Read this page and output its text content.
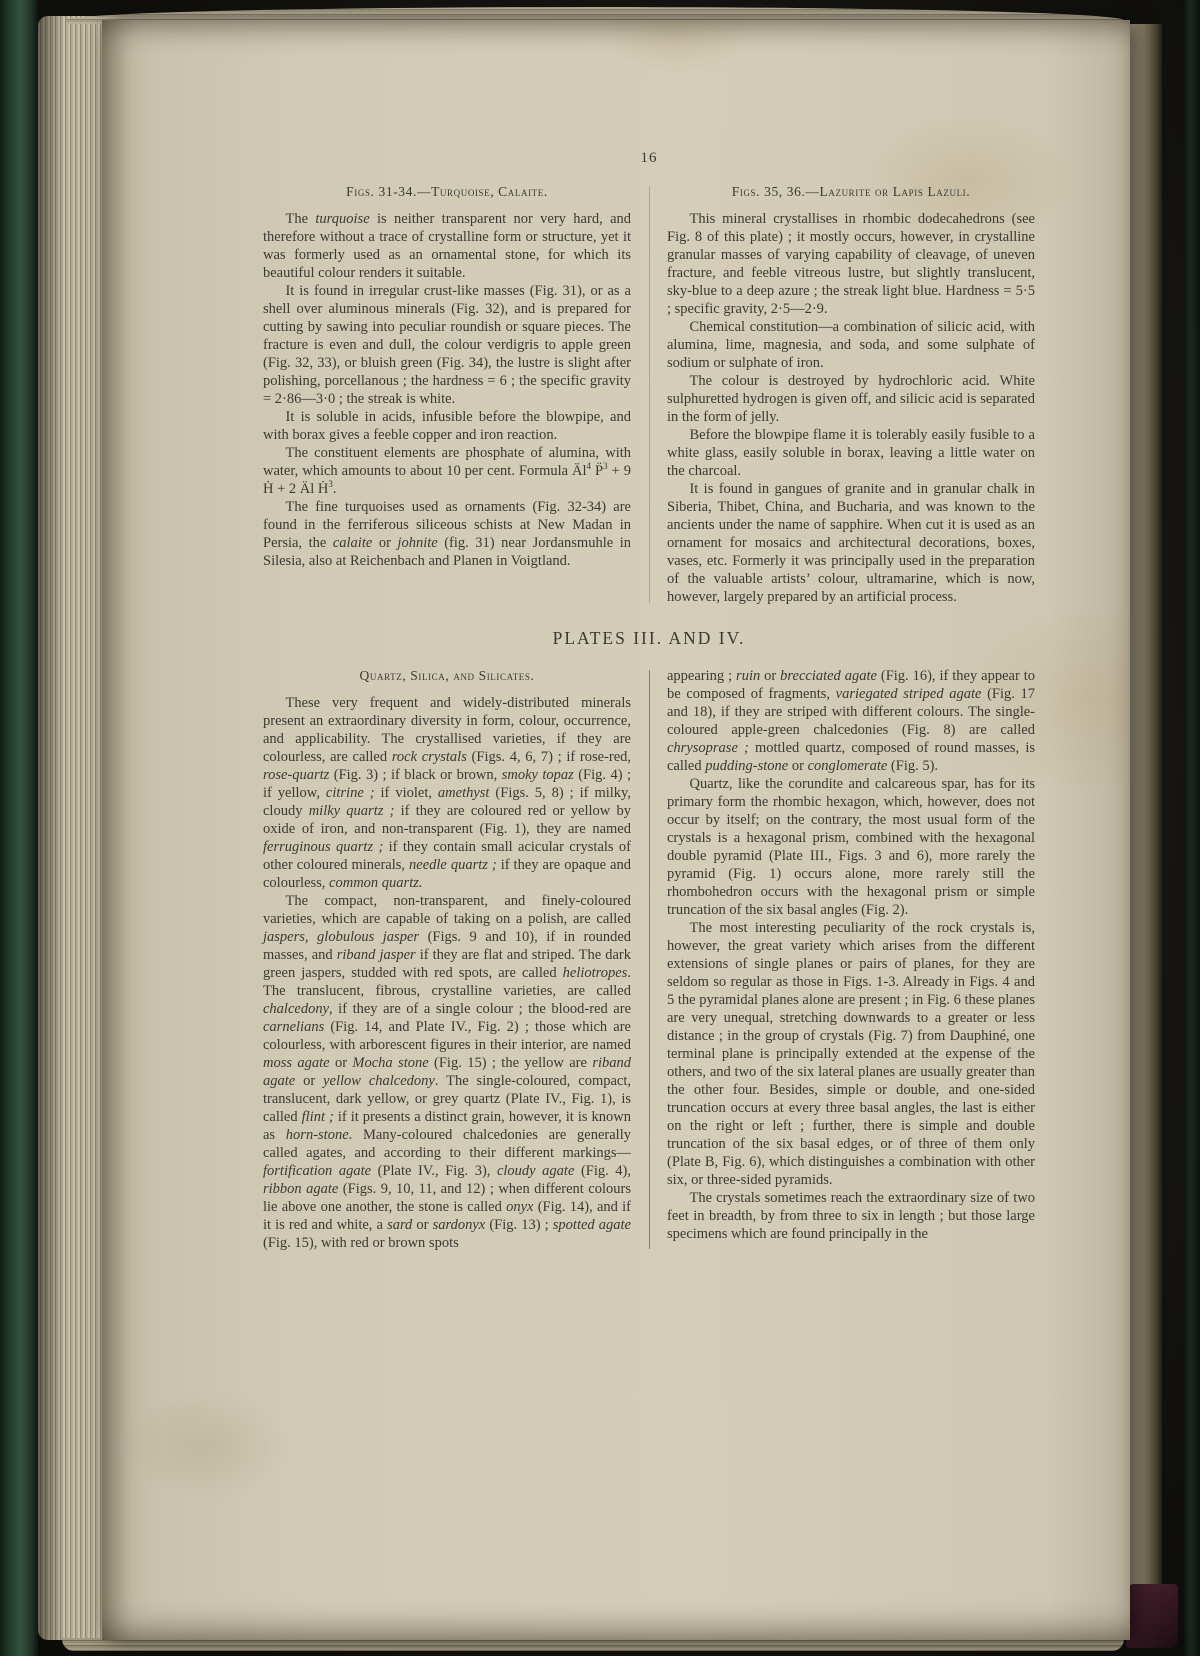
16
Figs. 31-34.—Turquoise, Calaite.

The turquoise is neither transparent nor very hard, and therefore without a trace of crystalline form or structure, yet it was formerly used as an ornamental stone, for which its beautiful colour renders it suitable.

It is found in irregular crust-like masses (Fig. 31), or as a shell over aluminous minerals (Fig. 32), and is prepared for cutting by sawing into peculiar roundish or square pieces. The fracture is even and dull, the colour verdigris to apple green (Fig. 32, 33), or bluish green (Fig. 34), the lustre is slight after polishing, porcellanous ; the hardness = 6 ; the specific gravity = 2·86—3·0 ; the streak is white.

It is soluble in acids, infusible before the blowpipe, and with borax gives a feeble copper and iron reaction.

The constituent elements are phosphate of alumina, with water, which amounts to about 10 per cent. Formula $Äl^4$ P̈$^3$ + 9 Ḣ + 2 Äl Ḣ$^3$.

The fine turquoises used as ornaments (Fig. 32-34) are found in the ferriferous siliceous schists at New Madan in Persia, the calaite or johnite (fig. 31) near Jordansmuhle in Silesia, also at Reichenbach and Planen in Voigtland.

Figs. 35, 36.—Lazurite or Lapis Lazuli.

This mineral crystallises in rhombic dodecahedrons (see Fig. 8 of this plate) ; it mostly occurs, however, in crystalline granular masses of varying capability of cleavage, of uneven fracture, and feeble vitreous lustre, but slightly translucent, sky-blue to a deep azure ; the streak light blue. Hardness = 5·5 ; specific gravity, 2·5—2·9.

Chemical constitution—a combination of silicic acid, with alumina, lime, magnesia, and soda, and some sulphate of sodium or sulphate of iron.

The colour is destroyed by hydrochloric acid. White sulphuretted hydrogen is given off, and silicic acid is separated in the form of jelly.

Before the blowpipe flame it is tolerably easily fusible to a white glass, easily soluble in borax, leaving a little water on the charcoal.

It is found in gangues of granite and in granular chalk in Siberia, Thibet, China, and Bucharia, and was known to the ancients under the name of sapphire. When cut it is used as an ornament for mosaics and architectural decorations, boxes, vases, etc. Formerly it was principally used in the preparation of the valuable artists’ colour, ultramarine, which is now, however, largely prepared by an artificial process.

PLATES III. AND IV.
Quartz, Silica, and Silicates.

These very frequent and widely-distributed minerals present an extraordinary diversity in form, colour, occurrence, and applicability. The crystallised varieties, if they are colourless, are called rock crystals (Figs. 4, 6, 7) ; if rose-red, rose-quartz (Fig. 3) ; if black or brown, smoky topaz (Fig. 4) ; if yellow, citrine ; if violet, amethyst (Figs. 5, 8) ; if milky, cloudy milky quartz ; if they are coloured red or yellow by oxide of iron, and non-transparent (Fig. 1), they are named ferruginous quartz ; if they contain small acicular crystals of other coloured minerals, needle quartz ; if they are opaque and colourless, common quartz.

The compact, non-transparent, and finely-coloured varieties, which are capable of taking on a polish, are called jaspers, globulous jasper (Figs. 9 and 10), if in rounded masses, and riband jasper if they are flat and striped. The dark green jaspers, studded with red spots, are called heliotropes. The translucent, fibrous, crystalline varieties, are called chalcedony, if they are of a single colour ; the blood-red are carnelians (Fig. 14, and Plate IV., Fig. 2) ; those which are colourless, with arborescent figures in their interior, are named moss agate or Mocha stone (Fig. 15) ; the yellow are riband agate or yellow chalcedony. The single-coloured, compact, translucent, dark yellow, or grey quartz (Plate IV., Fig. 1), is called flint ; if it presents a distinct grain, however, it is known as horn-stone. Many-coloured chalcedonies are generally called agates, and according to their different markings—fortification agate (Plate IV., Fig. 3), cloudy agate (Fig. 4), ribbon agate (Figs. 9, 10, 11, and 12) ; when different colours lie above one another, the stone is called onyx (Fig. 14), and if it is red and white, a sard or sardonyx (Fig. 13) ; spotted agate (Fig. 15), with red or brown spots

appearing ; ruin or brecciated agate (Fig. 16), if they appear to be composed of fragments, variegated striped agate (Fig. 17 and 18), if they are striped with different colours. The single-coloured apple-green chalcedonies (Fig. 8) are called chrysoprase ; mottled quartz, composed of round masses, is called pudding-stone or conglomerate (Fig. 5).

Quartz, like the corundite and calcareous spar, has for its primary form the rhombic hexagon, which, however, does not occur by itself; on the contrary, the most usual form of the crystals is a hexagonal prism, combined with the hexagonal double pyramid (Plate III., Figs. 3 and 6), more rarely the pyramid (Fig. 1) occurs alone, more rarely still the rhombohedron occurs with the hexagonal prism or simple truncation of the six basal angles (Fig. 2).

The most interesting peculiarity of the rock crystals is, however, the great variety which arises from the different extensions of single planes or pairs of planes, for they are seldom so regular as those in Figs. 1-3. Already in Figs. 4 and 5 the pyramidal planes alone are present ; in Fig. 6 these planes are very unequal, stretching downwards to a greater or less distance ; in the group of crystals (Fig. 7) from Dauphiné, one terminal plane is principally extended at the expense of the others, and two of the six lateral planes are usually greater than the other four. Besides, simple or double, and one-sided truncation occurs at every three basal angles, the last is either on the right or left ; further, there is simple and double truncation of the six basal edges, or of three of them only (Plate B, Fig. 6), which distinguishes a combination with other six, or three-sided pyramids.

The crystals sometimes reach the extraordinary size of two feet in breadth, by from three to six in length ; but those large specimens which are found principally in the
